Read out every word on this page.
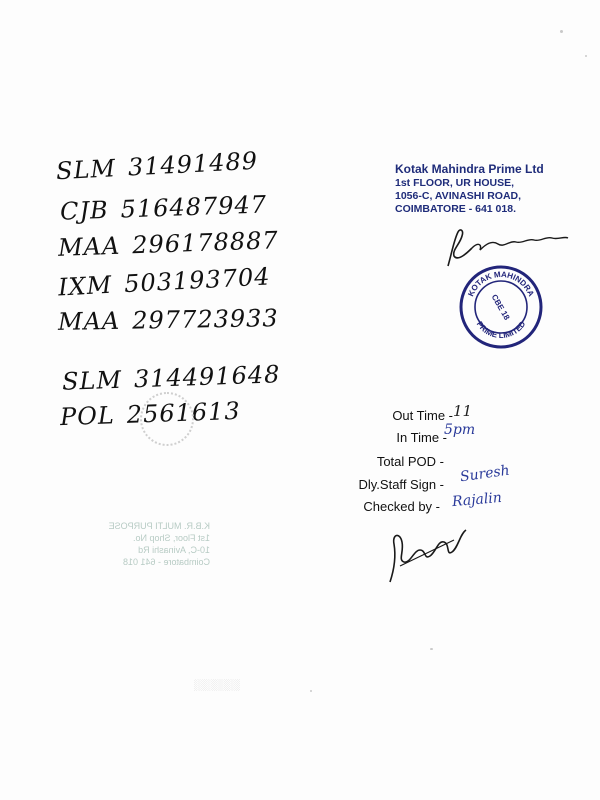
SLM 31491489
CJB 516487947
MAA 296178887
IXM 503193704
MAA 297723933
SLM 314491648
POL 2561613
Kotak Mahindra Prime Ltd
1st FLOOR, UR HOUSE,
1056-C, AVINASHI ROAD,
COIMBATORE - 641 018.
KOTAK MAHINDRA
PRIME LIMITED
CBE 18
Out Time -
In Time -
Total POD -
Dly.Staff Sign -
Checked by -
11
5pm
Suresh
Rajalin
K.B.R. MULTI PURPOSE
1st Floor, Shop No.
10-C, Avinashi Rd
Coimbatore - 641 018
░░░░░░░
